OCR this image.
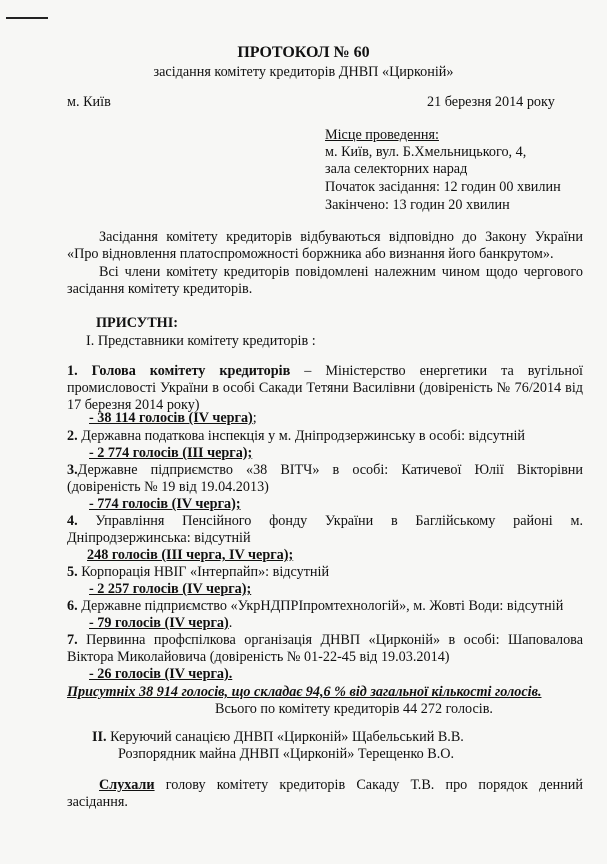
ПРОТОКОЛ № 60
засідання комітету кредиторів ДНВП «Цирконій»
м. Київ	21 березня 2014 року
Місце проведення:
м. Київ, вул. Б.Хмельницького, 4,
зала селекторних нарад
Початок засідання: 12 годин 00 хвилин
Закінчено: 13 годин 20 хвилин
Засідання комітету кредиторів відбуваються відповідно до Закону України «Про відновлення платоспроможності боржника або визнання його банкрутом».
Всі члени комітету кредиторів повідомлені належним чином щодо чергового засідання комітету кредиторів.
ПРИСУТНІ:
І. Представники комітету кредиторів :
1. Голова комітету кредиторів – Міністерство енергетики та вугільної промисловості України в особі Сакади Тетяни Василівни (довіреність № 76/2014 від 17 березня 2014 року)
- 38 114 голосів (IV черга);
2. Державна податкова інспекція у м. Дніпродзержинську в особі: відсутній
- 2 774 голосів (ІІІ черга);
3.Державне підприємство «38 ВІТЧ» в особі: Катичевої Юлії Вікторівни (довіреність № 19 від 19.04.2013)
- 774 голосів (IV черга);
4. Управління Пенсійного фонду України в Баглійському районі м. Дніпродзержинська: відсутній
248 голосів (ІІІ черга, IV черга);
5. Корпорація НВІГ «Інтерпайп»: відсутній
- 2 257 голосів (IV черга);
6. Державне підприємство «УкрНДПРІпромтехнологій», м. Жовті Води: відсутній
- 79 голосів (IV черга).
7. Первинна профспілкова організація ДНВП «Цирконій» в особі: Шаповалова Віктора Миколайовича (довіреність № 01-22-45 від 19.03.2014)
- 26 голосів (IV черга).
Присутніх 38 914 голосів, що складає 94,6 % від загальної кількості голосів.
Всього по комітету кредиторів 44 272 голосів.
ІІ. Керуючий санацією ДНВП «Цирконій» Щабельський В.В.
Розпорядник майна ДНВП «Цирконій» Терещенко В.О.
Слухали голову комітету кредиторів Сакаду Т.В. про порядок денний засідання.
